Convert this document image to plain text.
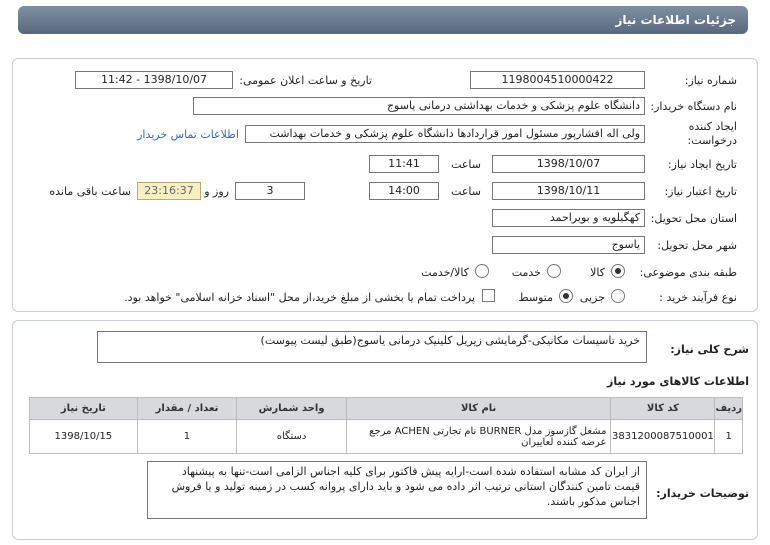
جزئیات اطلاعات نیاز
شماره نیاز:
1198004510000422
تاریخ و ساعت اعلان عمومی:
1398/10/07 - 11:42
نام دستگاه خریدار:
دانشگاه علوم پزشکی و خدمات بهداشتی درمانی یاسوج
ایجاد کننده
درخواست:
ولی اله افشارپور مسئول امور قراردادها دانشگاه علوم پزشکی و خدمات بهداشت
اطلاعات تماس خریدار
تاریخ ایجاد نیاز:
1398/10/07
ساعت
11:41
تاریخ اعتبار نیاز:
1398/10/11
ساعت
14:00
3
روز و
23:16:37
ساعت باقی مانده
استان محل تحویل:
کهگیلویه و بویراحمد
شهر محل تحویل:
یاسوج
طبقه بندی موضوعی:
کالا
خدمت
کالا/خدمت
نوع فرآیند خرید :
جزیی
متوسط
پرداخت تمام یا بخشی از مبلغ خرید،از محل "اسناد خزانه اسلامی" خواهد بود.
شرح کلی نیاز:
خرید تاسیسات مکانیکی-گرمایشی زیریل کلینیک درمانی یاسوج(طبق لیست پیوست)
اطلاعات کالاهای مورد نیاز
ردیف	کد کالا	نام کالا	واحد شمارش	تعداد / مقدار	تاریخ نیاز
1	3831200087510001	مشعل گازسوز مدل BURNER نام تجارتی ACHEN مرجع عرضه کننده لعاییران	دستگاه	1	1398/10/15
توضیحات خریدار:
از ایران کد مشابه استفاده شده است-ارایه پیش فاکتور برای کلیه اجناس الزامی است-تنها به پیشنهاد قیمت تامین کنندگان استانی ترتیب اثر داده می شود و باید دارای پروانه کسب در زمینه تولید و یا فروش اجناس مذکور باشند.
